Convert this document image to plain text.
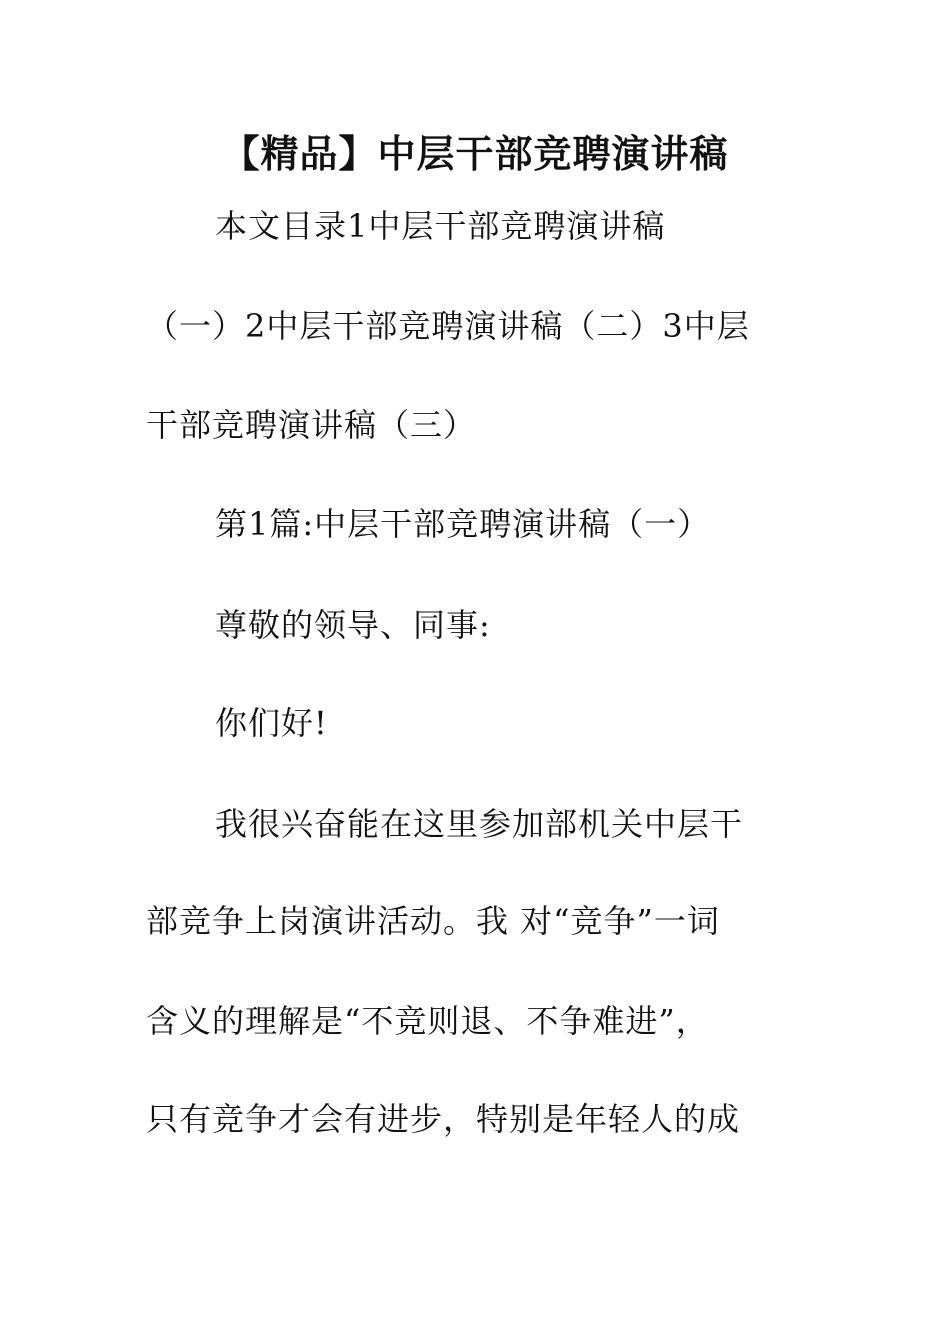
【精品】中层干部竞聘演讲稿
本文目录1中层干部竞聘演讲稿
（一）2中层干部竞聘演讲稿（二）3中层
干部竞聘演讲稿（三）
第1篇:中层干部竞聘演讲稿（一）
尊敬的领导、同事:
你们好!
我很兴奋能在这里参加部机关中层干
部竞争上岗演讲活动。我 对“竞争”一词
含义的理解是“不竞则退、不争难进”，
只有竞争才会有进步，特别是年轻人的成
